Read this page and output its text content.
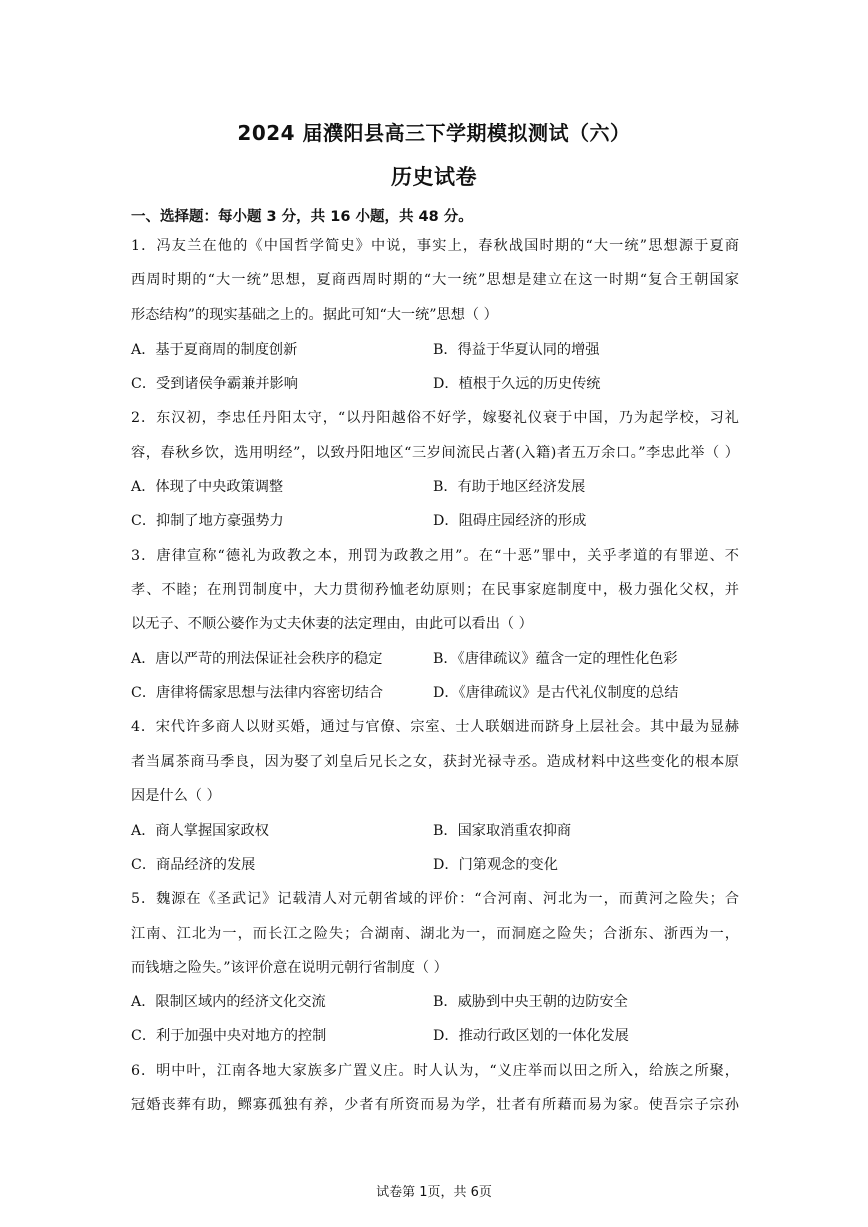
2024 届濮阳县高三下学期模拟测试（六）
历史试卷
一、选择题：每小题 3 分，共 16 小题，共 48 分。
1．冯友兰在他的《中国哲学简史》中说，事实上，春秋战国时期的“大一统”思想源于夏商
西周时期的“大一统”思想，夏商西周时期的“大一统”思想是建立在这一时期“复合王朝国家
形态结构”的现实基础之上的。据此可知“大一统”思想（ ）
A．基于夏商周的制度创新	B．得益于华夏认同的增强
C．受到诸侯争霸兼并影响	D．植根于久远的历史传统
2．东汉初，李忠任丹阳太守，“以丹阳越俗不好学，嫁娶礼仪衰于中国，乃为起学校，习礼
容，春秋乡饮，选用明经”，以致丹阳地区“三岁间流民占著(入籍)者五万余口。”李忠此举（ ）
A．体现了中央政策调整	B．有助于地区经济发展
C．抑制了地方豪强势力	D．阻碍庄园经济的形成
3．唐律宣称“德礼为政教之本，刑罚为政教之用”。在“十恶”罪中，关乎孝道的有罪逆、不
孝、不睦；在刑罚制度中，大力贯彻矜恤老幼原则；在民事家庭制度中，极力强化父权，并
以无子、不顺公婆作为丈夫休妻的法定理由，由此可以看出（ ）
A．唐以严苛的刑法保证社会秩序的稳定	B．《唐律疏议》蕴含一定的理性化色彩
C．唐律将儒家思想与法律内容密切结合	D．《唐律疏议》是古代礼仪制度的总结
4．宋代许多商人以财买婚，通过与官僚、宗室、士人联姻进而跻身上层社会。其中最为显赫
者当属茶商马季良，因为娶了刘皇后兄长之女，获封光禄寺丞。造成材料中这些变化的根本原
因是什么（ ）
A．商人掌握国家政权	B．国家取消重农抑商
C．商品经济的发展	D．门第观念的变化
5．魏源在《圣武记》记载清人对元朝省域的评价：“合河南、河北为一，而黄河之险失；合
江南、江北为一，而长江之险失；合湖南、湖北为一，而洞庭之险失；合浙东、浙西为一，
而钱塘之险失。”该评价意在说明元朝行省制度（ ）
A．限制区域内的经济文化交流	B．威胁到中央王朝的边防安全
C．利于加强中央对地方的控制	D．推动行政区划的一体化发展
6．明中叶，江南各地大家族多广置义庄。时人认为，“义庄举而以田之所入，给族之所聚，
冠婚丧葬有助，鳏寡孤独有养，少者有所资而易为学，壮者有所藉而易为家。使吾宗子宗孙
试卷第 1页，共 6页
